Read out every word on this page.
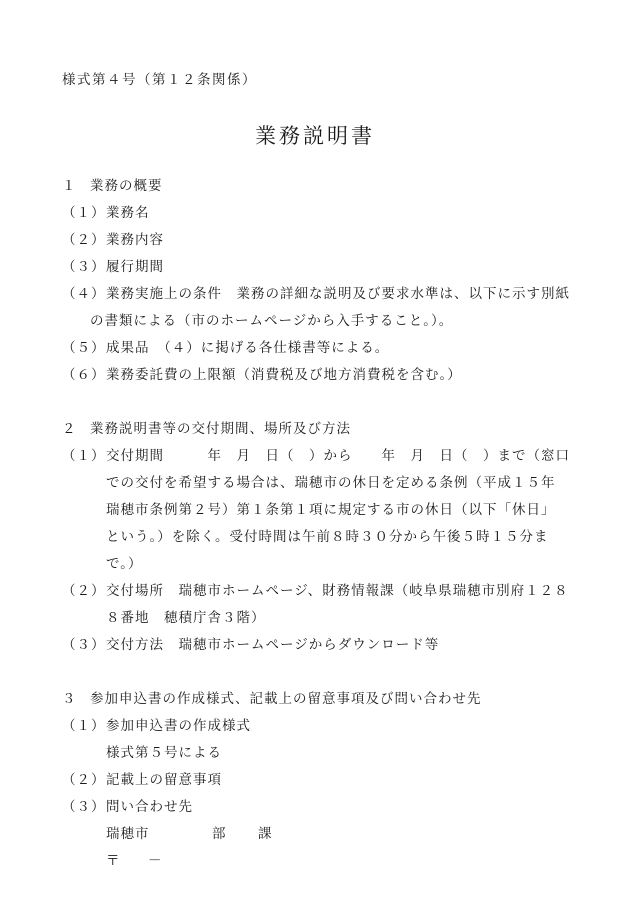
様式第４号（第１２条関係）
業務説明書
１ 業務の概要
（１） 業務名
（２） 業務内容
（３） 履行期間
（４） 業務実施上の条件　業務の詳細な説明及び要求水準は、以下に示す別紙
の書類による（市のホームページから入手すること。）。
（５） 成果品　（４）に掲げる各仕様書等による。
（６） 業務委託費の上限額（消費税及び地方消費税を含む。）
２ 業務説明書等の交付期間、場所及び方法
（１） 交付期間　　　年　月　日（　）から　　年　月　日（　）まで（窓口
での交付を希望する場合は、瑞穂市の休日を定める条例（平成１５年
瑞穂市条例第２号）第１条第１項に規定する市の休日（以下「休日」
という。）を除く。受付時間は午前８時３０分から午後５時１５分ま
で。）
（２） 交付場所　瑞穂市ホームページ、財務情報課（岐阜県瑞穂市別府１２８
８番地　穂積庁舎３階）
（３） 交付方法　瑞穂市ホームページからダウンロード等
３ 参加申込書の作成様式、記載上の留意事項及び問い合わせ先
（１） 参加申込書の作成様式
様式第５号による
（２） 記載上の留意事項
（３） 問い合わせ先
瑞穂市	部 課
〒 －
